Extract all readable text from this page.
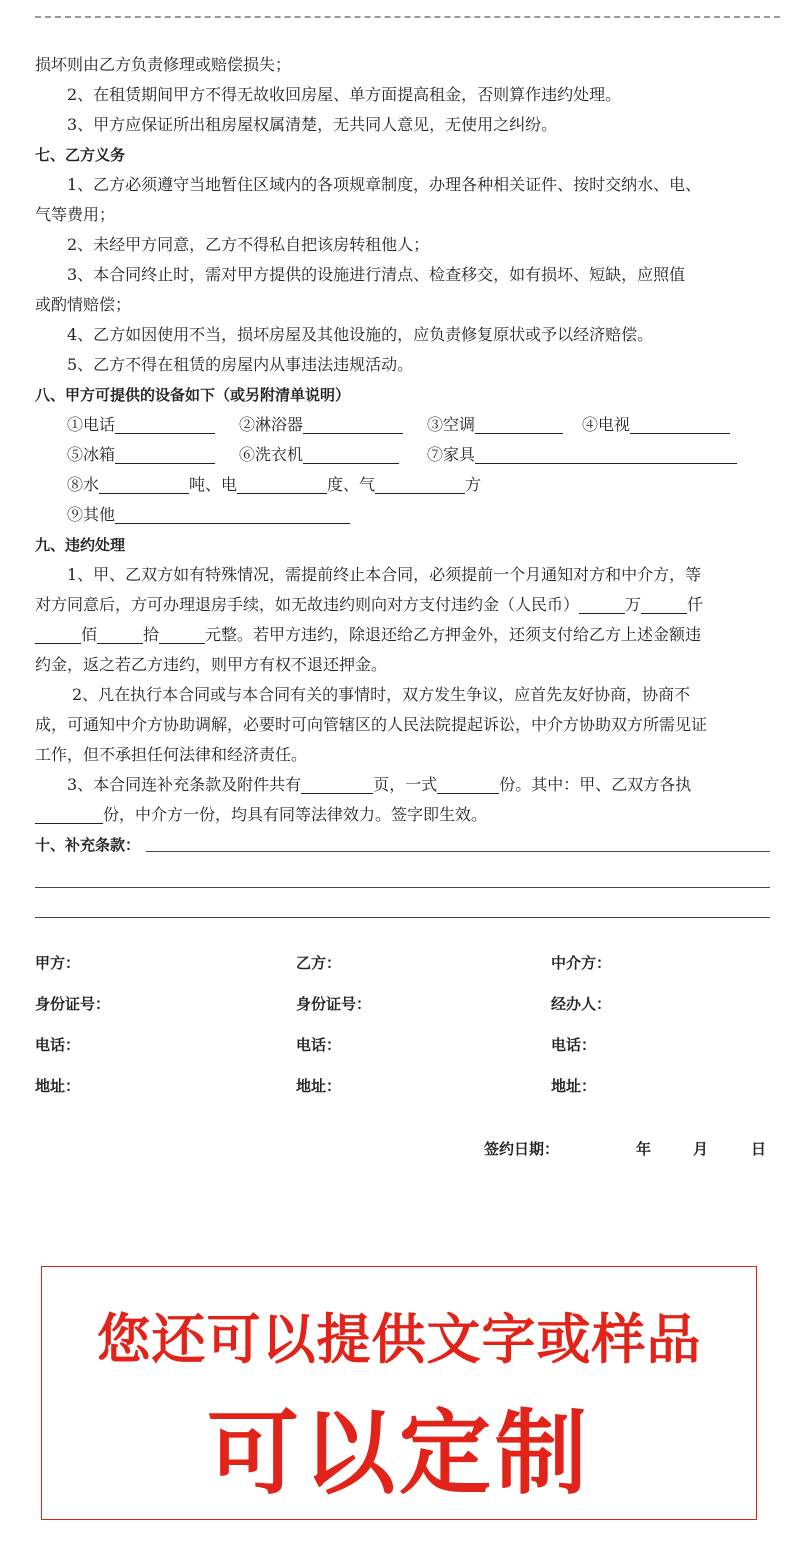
损坏则由乙方负责修理或赔偿损失；
2、在租赁期间甲方不得无故收回房屋、单方面提高租金，否则算作违约处理。
3、甲方应保证所出租房屋权属清楚，无共同人意见，无使用之纠纷。
七、乙方义务
1、乙方必须遵守当地暂住区域内的各项规章制度，办理各种相关证件、按时交纳水、电、
气等费用；
2、未经甲方同意，乙方不得私自把该房转租他人；
3、本合同终止时，需对甲方提供的设施进行清点、检查移交，如有损坏、短缺，应照值
或酌情赔偿；
4、乙方如因使用不当，损坏房屋及其他设施的，应负责修复原状或予以经济赔偿。
5、乙方不得在租赁的房屋内从事违法违规活动。
八、甲方可提供的设备如下（或另附清单说明）
①电话	②淋浴器	③空调	④电视
⑤冰箱	⑥洗衣机	⑦家具
⑧水	吨、电	度、气	方
⑨其他
九、违约处理
1、甲、乙双方如有特殊情况，需提前终止本合同，必须提前一个月通知对方和中介方，等
对方同意后，方可办理退房手续，如无故违约则向对方支付违约金（人民币）	万	仟
佰	拾	元整。若甲方违约，除退还给乙方押金外，还须支付给乙方上述金额违
约金，返之若乙方违约，则甲方有权不退还押金。
2、凡在执行本合同或与本合同有关的事情时，双方发生争议，应首先友好协商，协商不
成，可通知中介方协助调解，必要时可向管辖区的人民法院提起诉讼，中介方协助双方所需见证
工作，但不承担任何法律和经济责任。
3、本合同连补充条款及附件共有	页，一式	份。其中：甲、乙双方各执
份，中介方一份，均具有同等法律效力。签字即生效。
十、补充条款：
甲方：	乙方：	中介方：
身份证号：	身份证号：	经办人：
电话：	电话：	电话：
地址：	地址：	地址：
签约日期：	年	月	日
您还可以提供文字或样品
可以定制
